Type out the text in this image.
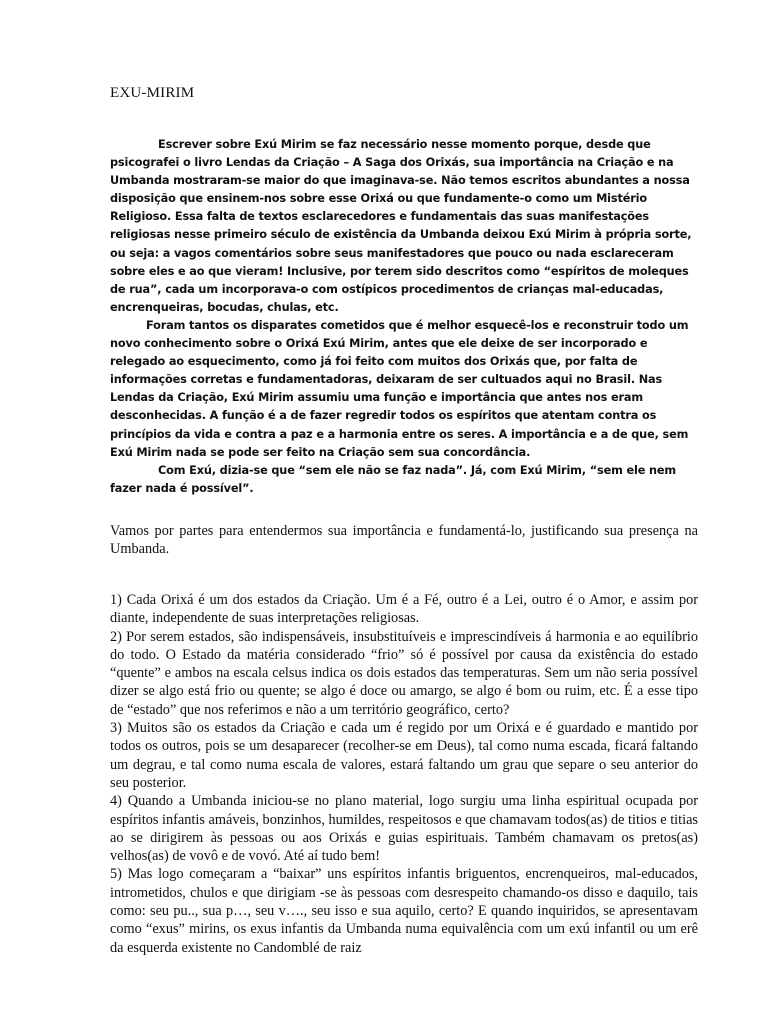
EXU-MIRIM

Escrever sobre Exú Mirim se faz necessário nesse momento porque, desde que psicografei o livro Lendas da Criação – A Saga dos Orixás, sua importância na Criação e na Umbanda mostraram-se maior do que imaginava-se. Não temos escritos abundantes a nossa disposição que ensinem-nos sobre esse Orixá ou que fundamente-o como um Mistério Religioso. Essa falta de textos esclarecedores e fundamentais das suas manifestações religiosas nesse primeiro século de existência da Umbanda deixou Exú Mirim à própria sorte, ou seja: a vagos comentários sobre seus manifestadores que pouco ou nada esclareceram sobre eles e ao que vieram! Inclusive, por terem sido descritos como “espíritos de moleques de rua”, cada um incorporava-o com ostípicos procedimentos de crianças mal-educadas, encrenqueiras, bocudas, chulas, etc.

Foram tantos os disparates cometidos que é melhor esquecê-los e reconstruir todo um novo conhecimento sobre o Orixá Exú Mirim, antes que ele deixe de ser incorporado e relegado ao esquecimento, como já foi feito com muitos dos Orixás que, por falta de informações corretas e fundamentadoras, deixaram de ser cultuados aqui no Brasil. Nas Lendas da Criação, Exú Mirim assumiu uma função e importância que antes nos eram desconhecidas. A função é a de fazer regredir todos os espíritos que atentam contra os princípios da vida e contra a paz e a harmonia entre os seres. A importância e a de que, sem Exú Mirim nada se pode ser feito na Criação sem sua concordância.

Com Exú, dizia-se que “sem ele não se faz nada”. Já, com Exú Mirim, “sem ele nem fazer nada é possível”.

Vamos por partes para entendermos sua importância e fundamentá-lo, justificando sua presença na Umbanda.

1) Cada Orixá é um dos estados da Criação. Um é a Fé, outro é a Lei, outro é o Amor, e assim por diante, independente de suas interpretações religiosas.

2) Por serem estados, são indispensáveis, insubstituíveis e imprescindíveis á harmonia e ao equilíbrio do todo. O Estado da matéria considerado “frio” só é possível por causa da existência do estado “quente” e ambos na escala celsus indica os dois estados das temperaturas. Sem um não seria possível dizer se algo está frio ou quente; se algo é doce ou amargo, se algo é bom ou ruim, etc. É a esse tipo de “estado” que nos referimos e não a um território geográfico, certo?

3) Muitos são os estados da Criação e cada um é regido por um Orixá e é guardado e mantido por todos os outros, pois se um desaparecer (recolher-se em Deus), tal como numa escada, ficará faltando um degrau, e tal como numa escala de valores, estará faltando um grau que separe o seu anterior do seu posterior.

4) Quando a Umbanda iniciou-se no plano material, logo surgiu uma linha espiritual ocupada por espíritos infantis amáveis, bonzinhos, humildes, respeitosos e que chamavam todos(as) de titios e titias ao se dirigirem às pessoas ou aos Orixás e guias espirituais. Também chamavam os pretos(as) velhos(as) de vovô e de vovó. Até aí tudo bem!

5) Mas logo começaram a “baixar” uns espíritos infantis briguentos, encrenqueiros, mal-educados, intrometidos, chulos e que dirigiam -se às pessoas com desrespeito chamando-os disso e daquilo, tais como: seu pu.., sua p…, seu v…., seu isso e sua aquilo, certo? E quando inquiridos, se apresentavam como “exus” mirins, os exus infantis da Umbanda numa equivalência com um exú infantil ou um erê da esquerda existente no Candomblé de raiz
